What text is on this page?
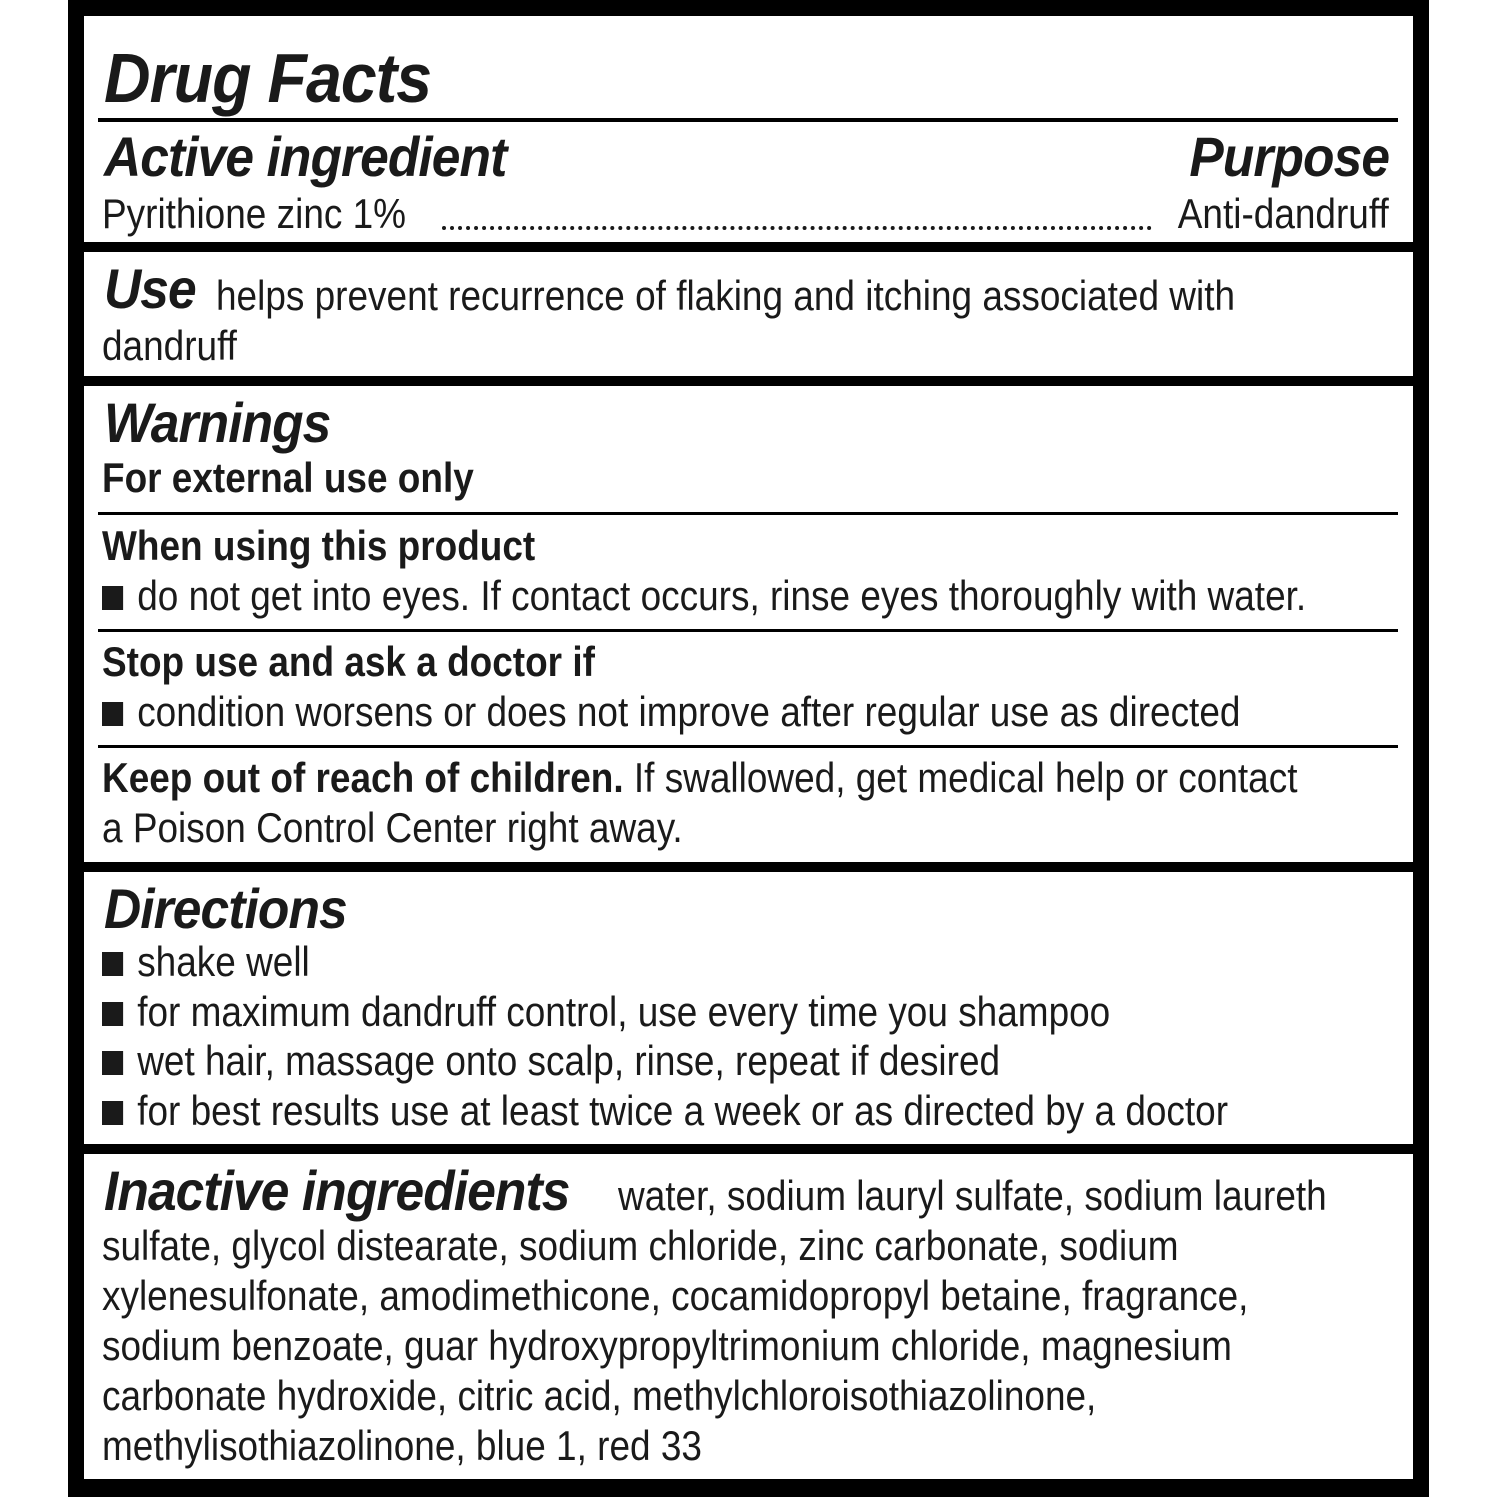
Drug Facts
Active ingredient	Purpose
Pyrithione zinc 1%	Anti-dandruff
Use helps prevent recurrence of flaking and itching associated with
dandruff
Warnings
For external use only
When using this product
do not get into eyes. If contact occurs, rinse eyes thoroughly with water.
Stop use and ask a doctor if
condition worsens or does not improve after regular use as directed
Keep out of reach of children. If swallowed, get medical help or contact
a Poison Control Center right away.
Directions
shake well
for maximum dandruff control, use every time you shampoo
wet hair, massage onto scalp, rinse, repeat if desired
for best results use at least twice a week or as directed by a doctor
Inactive ingredients water, sodium lauryl sulfate, sodium laureth
sulfate, glycol distearate, sodium chloride, zinc carbonate, sodium
xylenesulfonate, amodimethicone, cocamidopropyl betaine, fragrance,
sodium benzoate, guar hydroxypropyltrimonium chloride, magnesium
carbonate hydroxide, citric acid, methylchloroisothiazolinone,
methylisothiazolinone, blue 1, red 33
